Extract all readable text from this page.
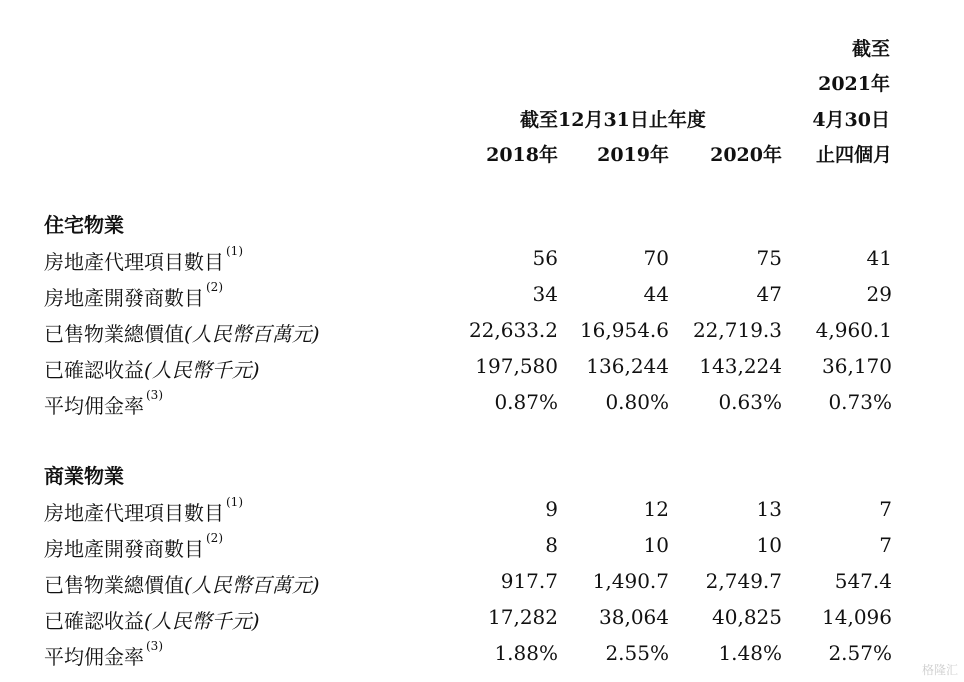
截至
2021年
4月30日
截至12月31日止年度
2018年	2019年	2020年	止四個月
住宅物業
房地產代理項目數目 $^{(1)}$	56	70	75	41
房地產開發商數目 $^{(2)}$	34	44	47	29
已售物業總價值(人民幣百萬元)	22,633.2	16,954.6	22,719.3	4,960.1
已確認收益(人民幣千元)	197,580	136,244	143,224	36,170
平均佣金率 $^{(3)}$	0.87%	0.80%	0.63%	0.73%
商業物業
房地產代理項目數目 $^{(1)}$	9	12	13	7
房地產開發商數目 $^{(2)}$	8	10	10	7
已售物業總價值(人民幣百萬元)	917.7	1,490.7	2,749.7	547.4
已確認收益(人民幣千元)	17,282	38,064	40,825	14,096
平均佣金率 $^{(3)}$	1.88%	2.55%	1.48%	2.57%
格隆汇
